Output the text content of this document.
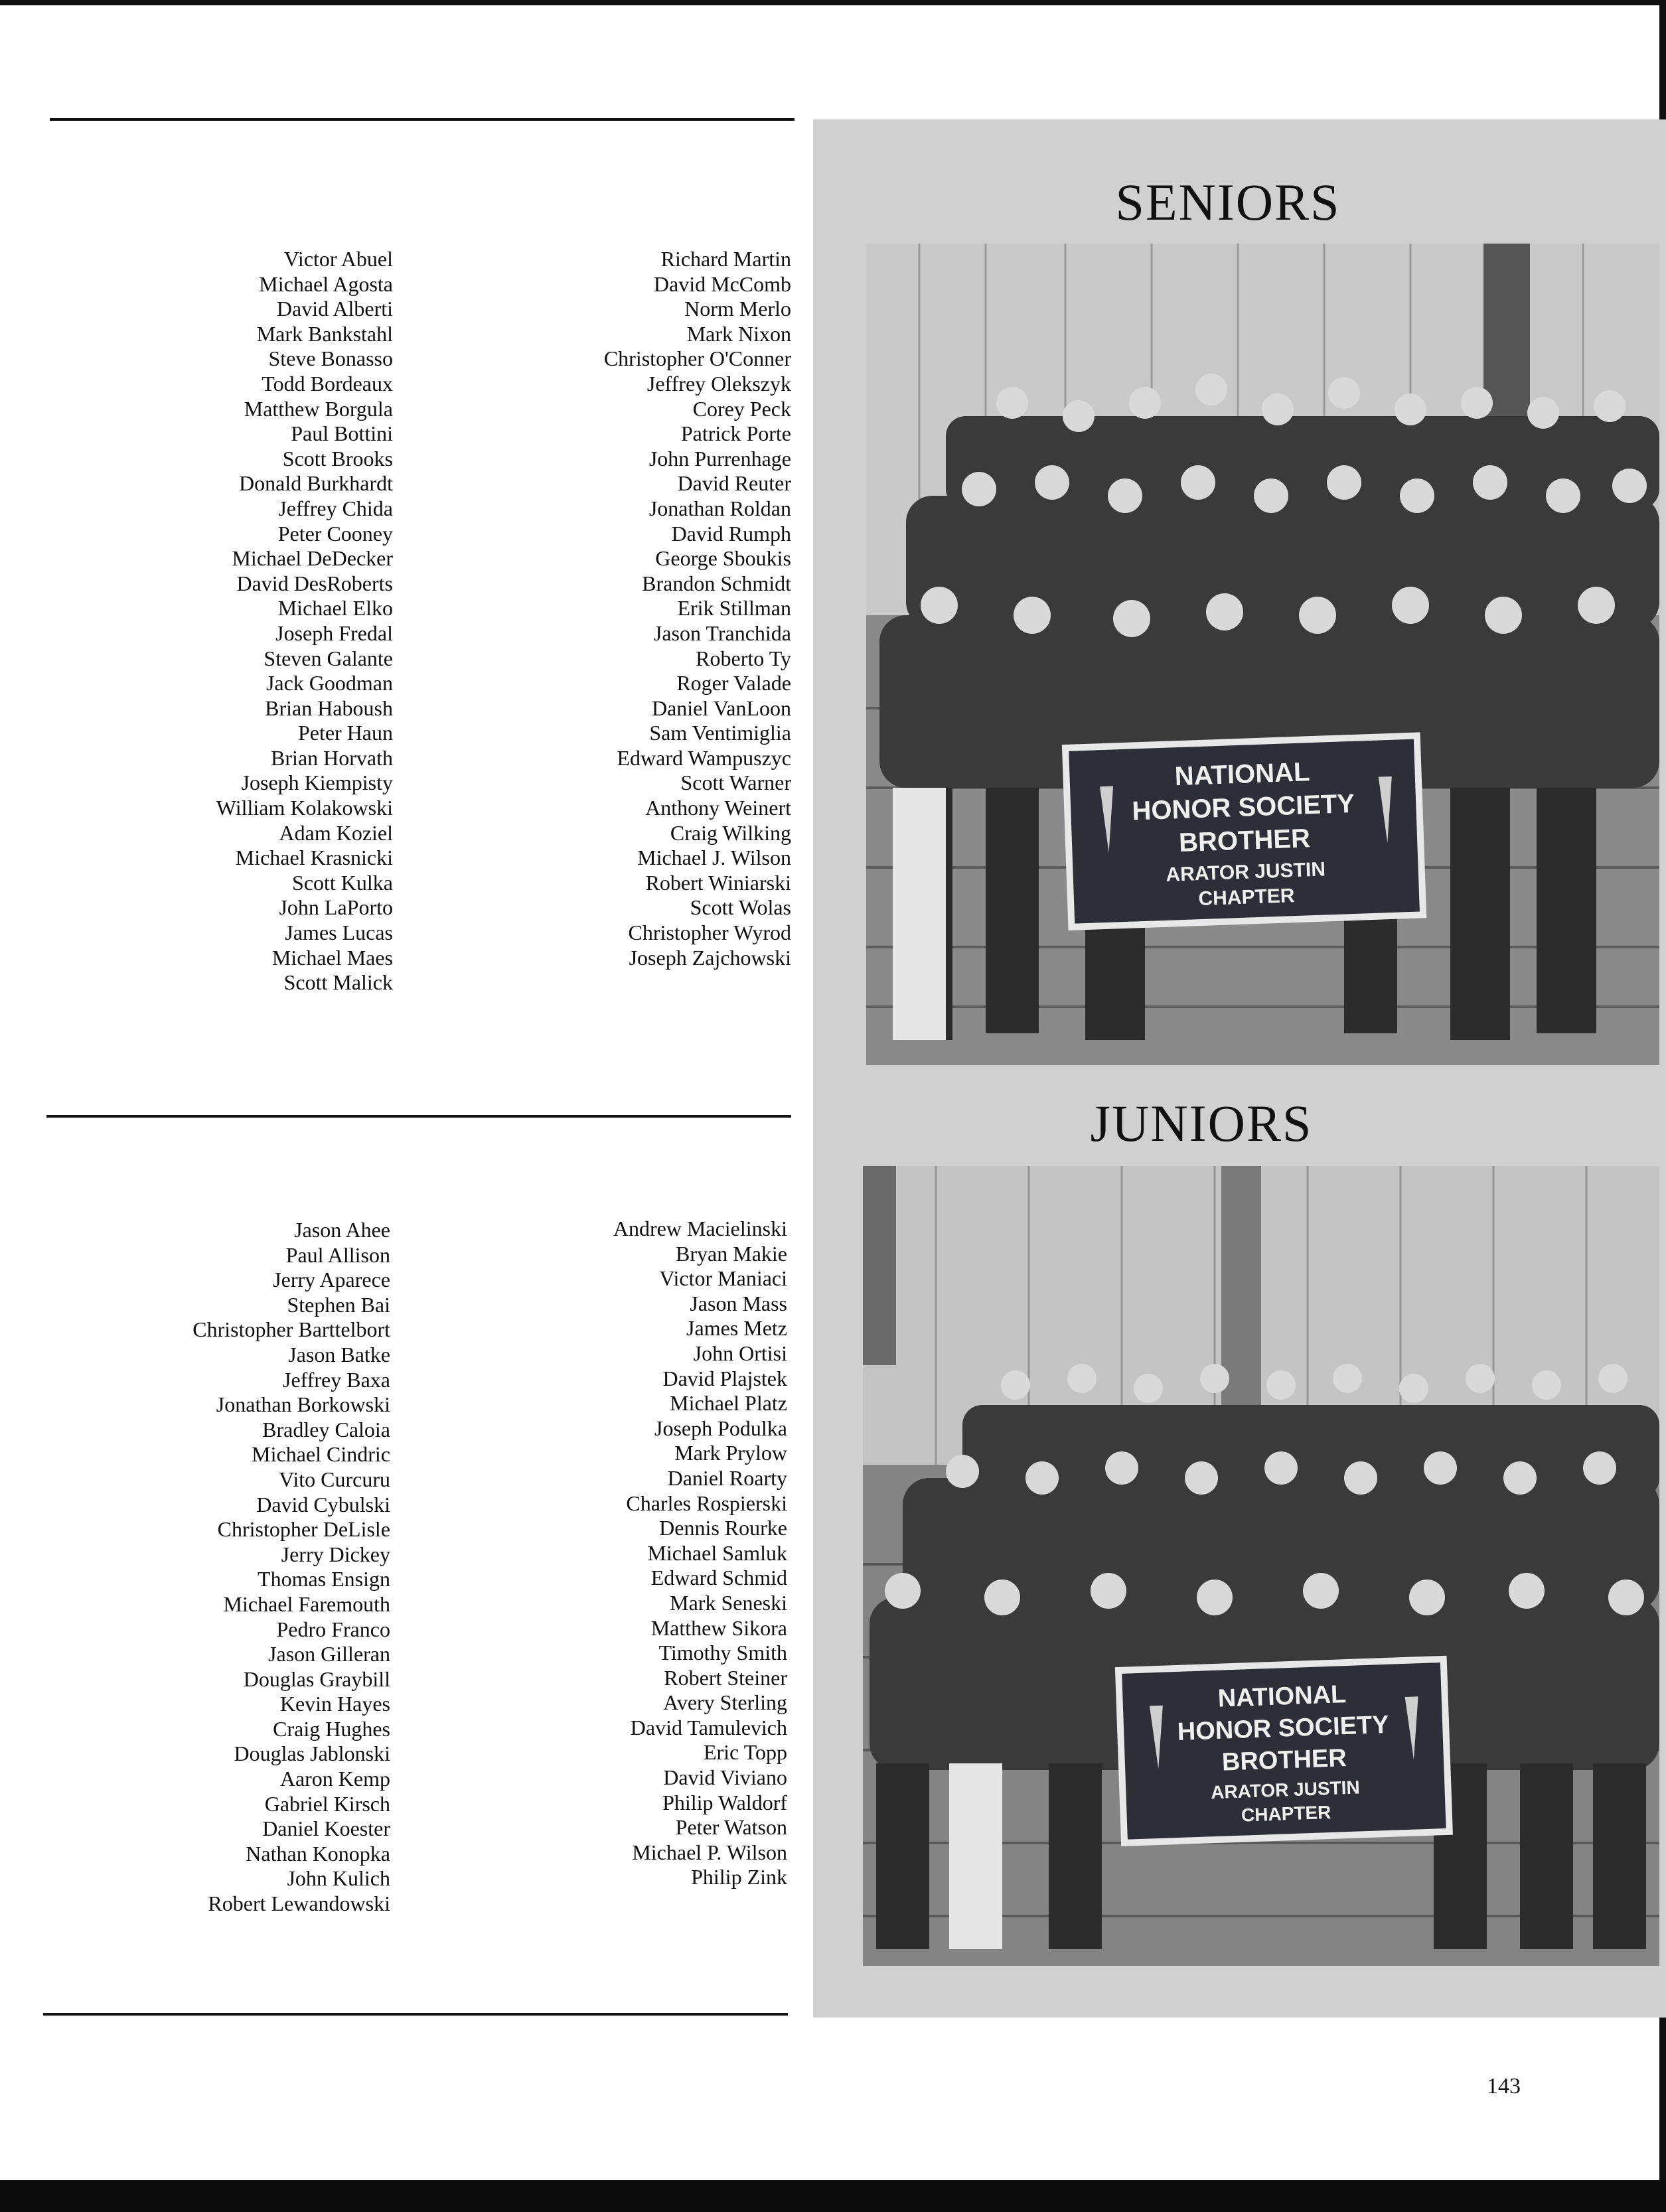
Victor Abuel
Michael Agosta
David Alberti
Mark Bankstahl
Steve Bonasso
Todd Bordeaux
Matthew Borgula
Paul Bottini
Scott Brooks
Donald Burkhardt
Jeffrey Chida
Peter Cooney
Michael DeDecker
David DesRoberts
Michael Elko
Joseph Fredal
Steven Galante
Jack Goodman
Brian Haboush
Peter Haun
Brian Horvath
Joseph Kiempisty
William Kolakowski
Adam Koziel
Michael Krasnicki
Scott Kulka
John LaPorto
James Lucas
Michael Maes
Scott Malick
Richard Martin
David McComb
Norm Merlo
Mark Nixon
Christopher O'Conner
Jeffrey Olekszyk
Corey Peck
Patrick Porte
John Purrenhage
David Reuter
Jonathan Roldan
David Rumph
George Sboukis
Brandon Schmidt
Erik Stillman
Jason Tranchida
Roberto Ty
Roger Valade
Daniel VanLoon
Sam Ventimiglia
Edward Wampuszyc
Scott Warner
Anthony Weinert
Craig Wilking
Michael J. Wilson
Robert Winiarski
Scott Wolas
Christopher Wyrod
Joseph Zajchowski
Jason Ahee
Paul Allison
Jerry Aparece
Stephen Bai
Christopher Barttelbort
Jason Batke
Jeffrey Baxa
Jonathan Borkowski
Bradley Caloia
Michael Cindric
Vito Curcuru
David Cybulski
Christopher DeLisle
Jerry Dickey
Thomas Ensign
Michael Faremouth
Pedro Franco
Jason Gilleran
Douglas Graybill
Kevin Hayes
Craig Hughes
Douglas Jablonski
Aaron Kemp
Gabriel Kirsch
Daniel Koester
Nathan Konopka
John Kulich
Robert Lewandowski
Andrew Macielinski
Bryan Makie
Victor Maniaci
Jason Mass
James Metz
John Ortisi
David Plajstek
Michael Platz
Joseph Podulka
Mark Prylow
Daniel Roarty
Charles Rospierski
Dennis Rourke
Michael Samluk
Edward Schmid
Mark Seneski
Matthew Sikora
Timothy Smith
Robert Steiner
Avery Sterling
David Tamulevich
Eric Topp
David Viviano
Philip Waldorf
Peter Watson
Michael P. Wilson
Philip Zink
SENIORS
NATIONAL
HONOR SOCIETY
BROTHER
ARATOR JUSTIN
CHAPTER
JUNIORS
NATIONAL
HONOR SOCIETY
BROTHER
ARATOR JUSTIN
CHAPTER
143
